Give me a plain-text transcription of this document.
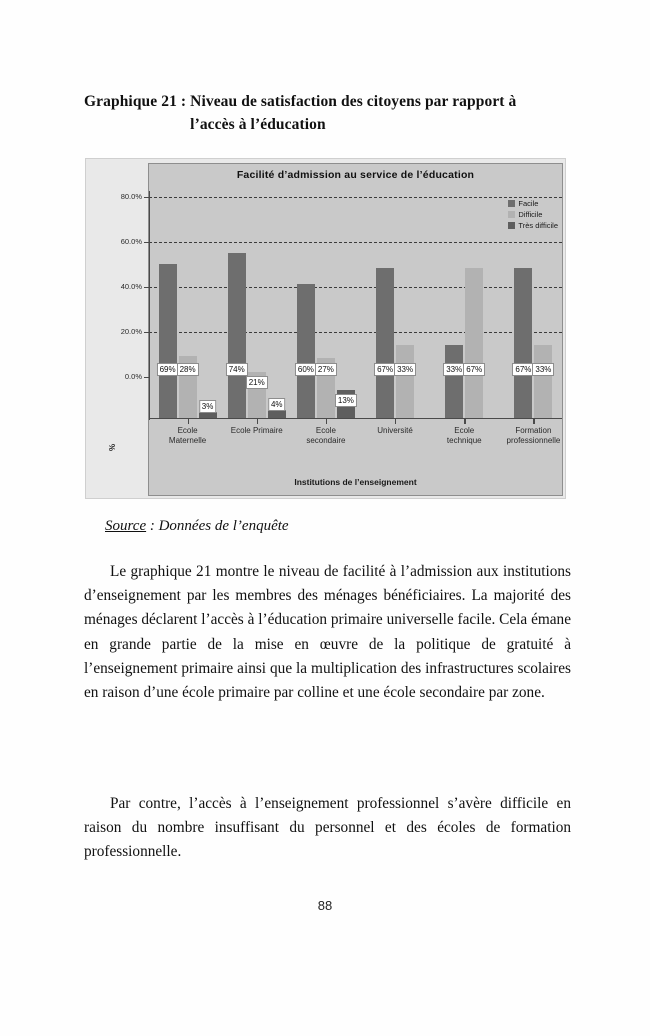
Graphique 21 : Niveau de satisfaction des citoyens par rapport à l’accès à l’éducation
%
Facilité d’admission au service de l’éducation
Facile
Difficile
Très difficile
69% 28%
3%
74%
21%
4%
60% 27%
13%
67% 33%	33% 67%	67% 33%
Institutions de l’enseignement
Ecole
Maternelle
Ecole Primaire	Ecole
secondaire
Université	Ecole
technique
Formation
professionnelle
0.0%
20.0%
40.0%
60.0%
80.0%
Source : Données de l’enquête
Le graphique 21 montre le niveau de facilité à l’admission aux institutions d’enseignement par les membres des ménages bénéficiaires. La majorité des ménages déclarent l’accès à l’éducation primaire universelle facile. Cela émane en grande partie de la mise en œuvre de la politique de gratuité à l’enseignement primaire ainsi que la multiplication des infrastructures scolaires en raison d’une école primaire par colline et une école secondaire par zone.
Par contre, l’accès à l’enseignement professionnel s’avère difficile en raison du nombre insuffisant du personnel et des écoles de formation professionnelle.
88
